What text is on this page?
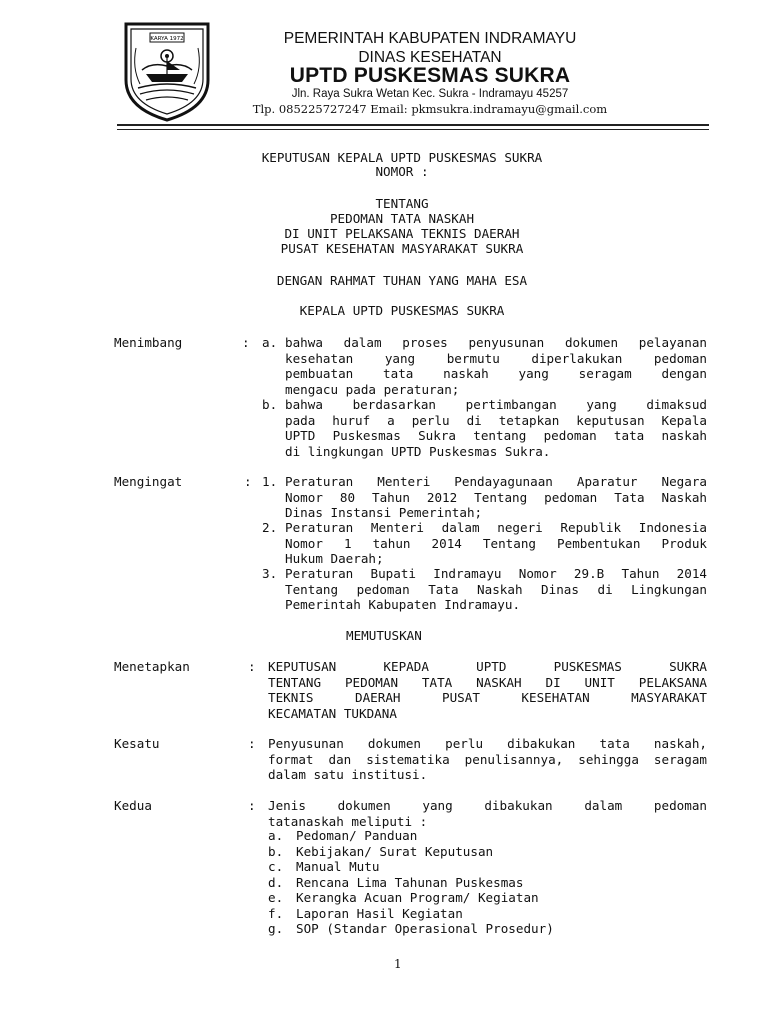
KARYA 1972	PEMERINTAH KABUPATEN INDRAMAYU
DINAS KESEHATAN
UPTD PUSKESMAS SUKRA
Jln. Raya Sukra Wetan Kec. Sukra - Indramayu 45257
Tlp. 085225727247 Email: pkmsukra.indramayu@gmail.com
KEPUTUSAN KEPALA UPTD PUSKESMAS SUKRA
NOMOR :
TENTANG
PEDOMAN TATA NASKAH
DI UNIT PELAKSANA TEKNIS DAERAH
PUSAT KESEHATAN MASYARAKAT SUKRA
DENGAN RAHMAT TUHAN YANG MAHA ESA
KEPALA UPTD PUSKESMAS SUKRA
Menimbang	: a. bahwa dalam proses penyusunan dokumen pelayanan
kesehatan yang bermutu diperlakukan pedoman
pembuatan tata naskah yang seragam dengan
mengacu pada peraturan;
b. bahwa berdasarkan pertimbangan yang dimaksud
pada huruf a perlu di tetapkan keputusan Kepala
UPTD Puskesmas Sukra tentang pedoman tata naskah
di lingkungan UPTD Puskesmas Sukra.
Mengingat	: 1. Peraturan Menteri Pendayagunaan Aparatur Negara
Nomor 80 Tahun 2012 Tentang pedoman Tata Naskah
Dinas Instansi Pemerintah;
2. Peraturan Menteri dalam negeri Republik Indonesia
Nomor 1 tahun 2014 Tentang Pembentukan Produk
Hukum Daerah;
3. Peraturan Bupati Indramayu Nomor 29.B Tahun 2014
Tentang pedoman Tata Naskah Dinas di Lingkungan
Pemerintah Kabupaten Indramayu.
MEMUTUSKAN
Menetapkan	: KEPUTUSAN KEPADA UPTD PUSKESMAS SUKRA
TENTANG PEDOMAN TATA NASKAH DI UNIT PELAKSANA
TEKNIS DAERAH PUSAT KESEHATAN MASYARAKAT
KECAMATAN TUKDANA
Kesatu	: Penyusunan dokumen perlu dibakukan tata naskah,
format dan sistematika penulisannya, sehingga seragam
dalam satu institusi.
Kedua	: Jenis dokumen yang dibakukan dalam pedoman
tatanaskah meliputi :
a. Pedoman/ Panduan
b. Kebijakan/ Surat Keputusan
c. Manual Mutu
d. Rencana Lima Tahunan Puskesmas
e. Kerangka Acuan Program/ Kegiatan
f. Laporan Hasil Kegiatan
g. SOP (Standar Operasional Prosedur)
1
